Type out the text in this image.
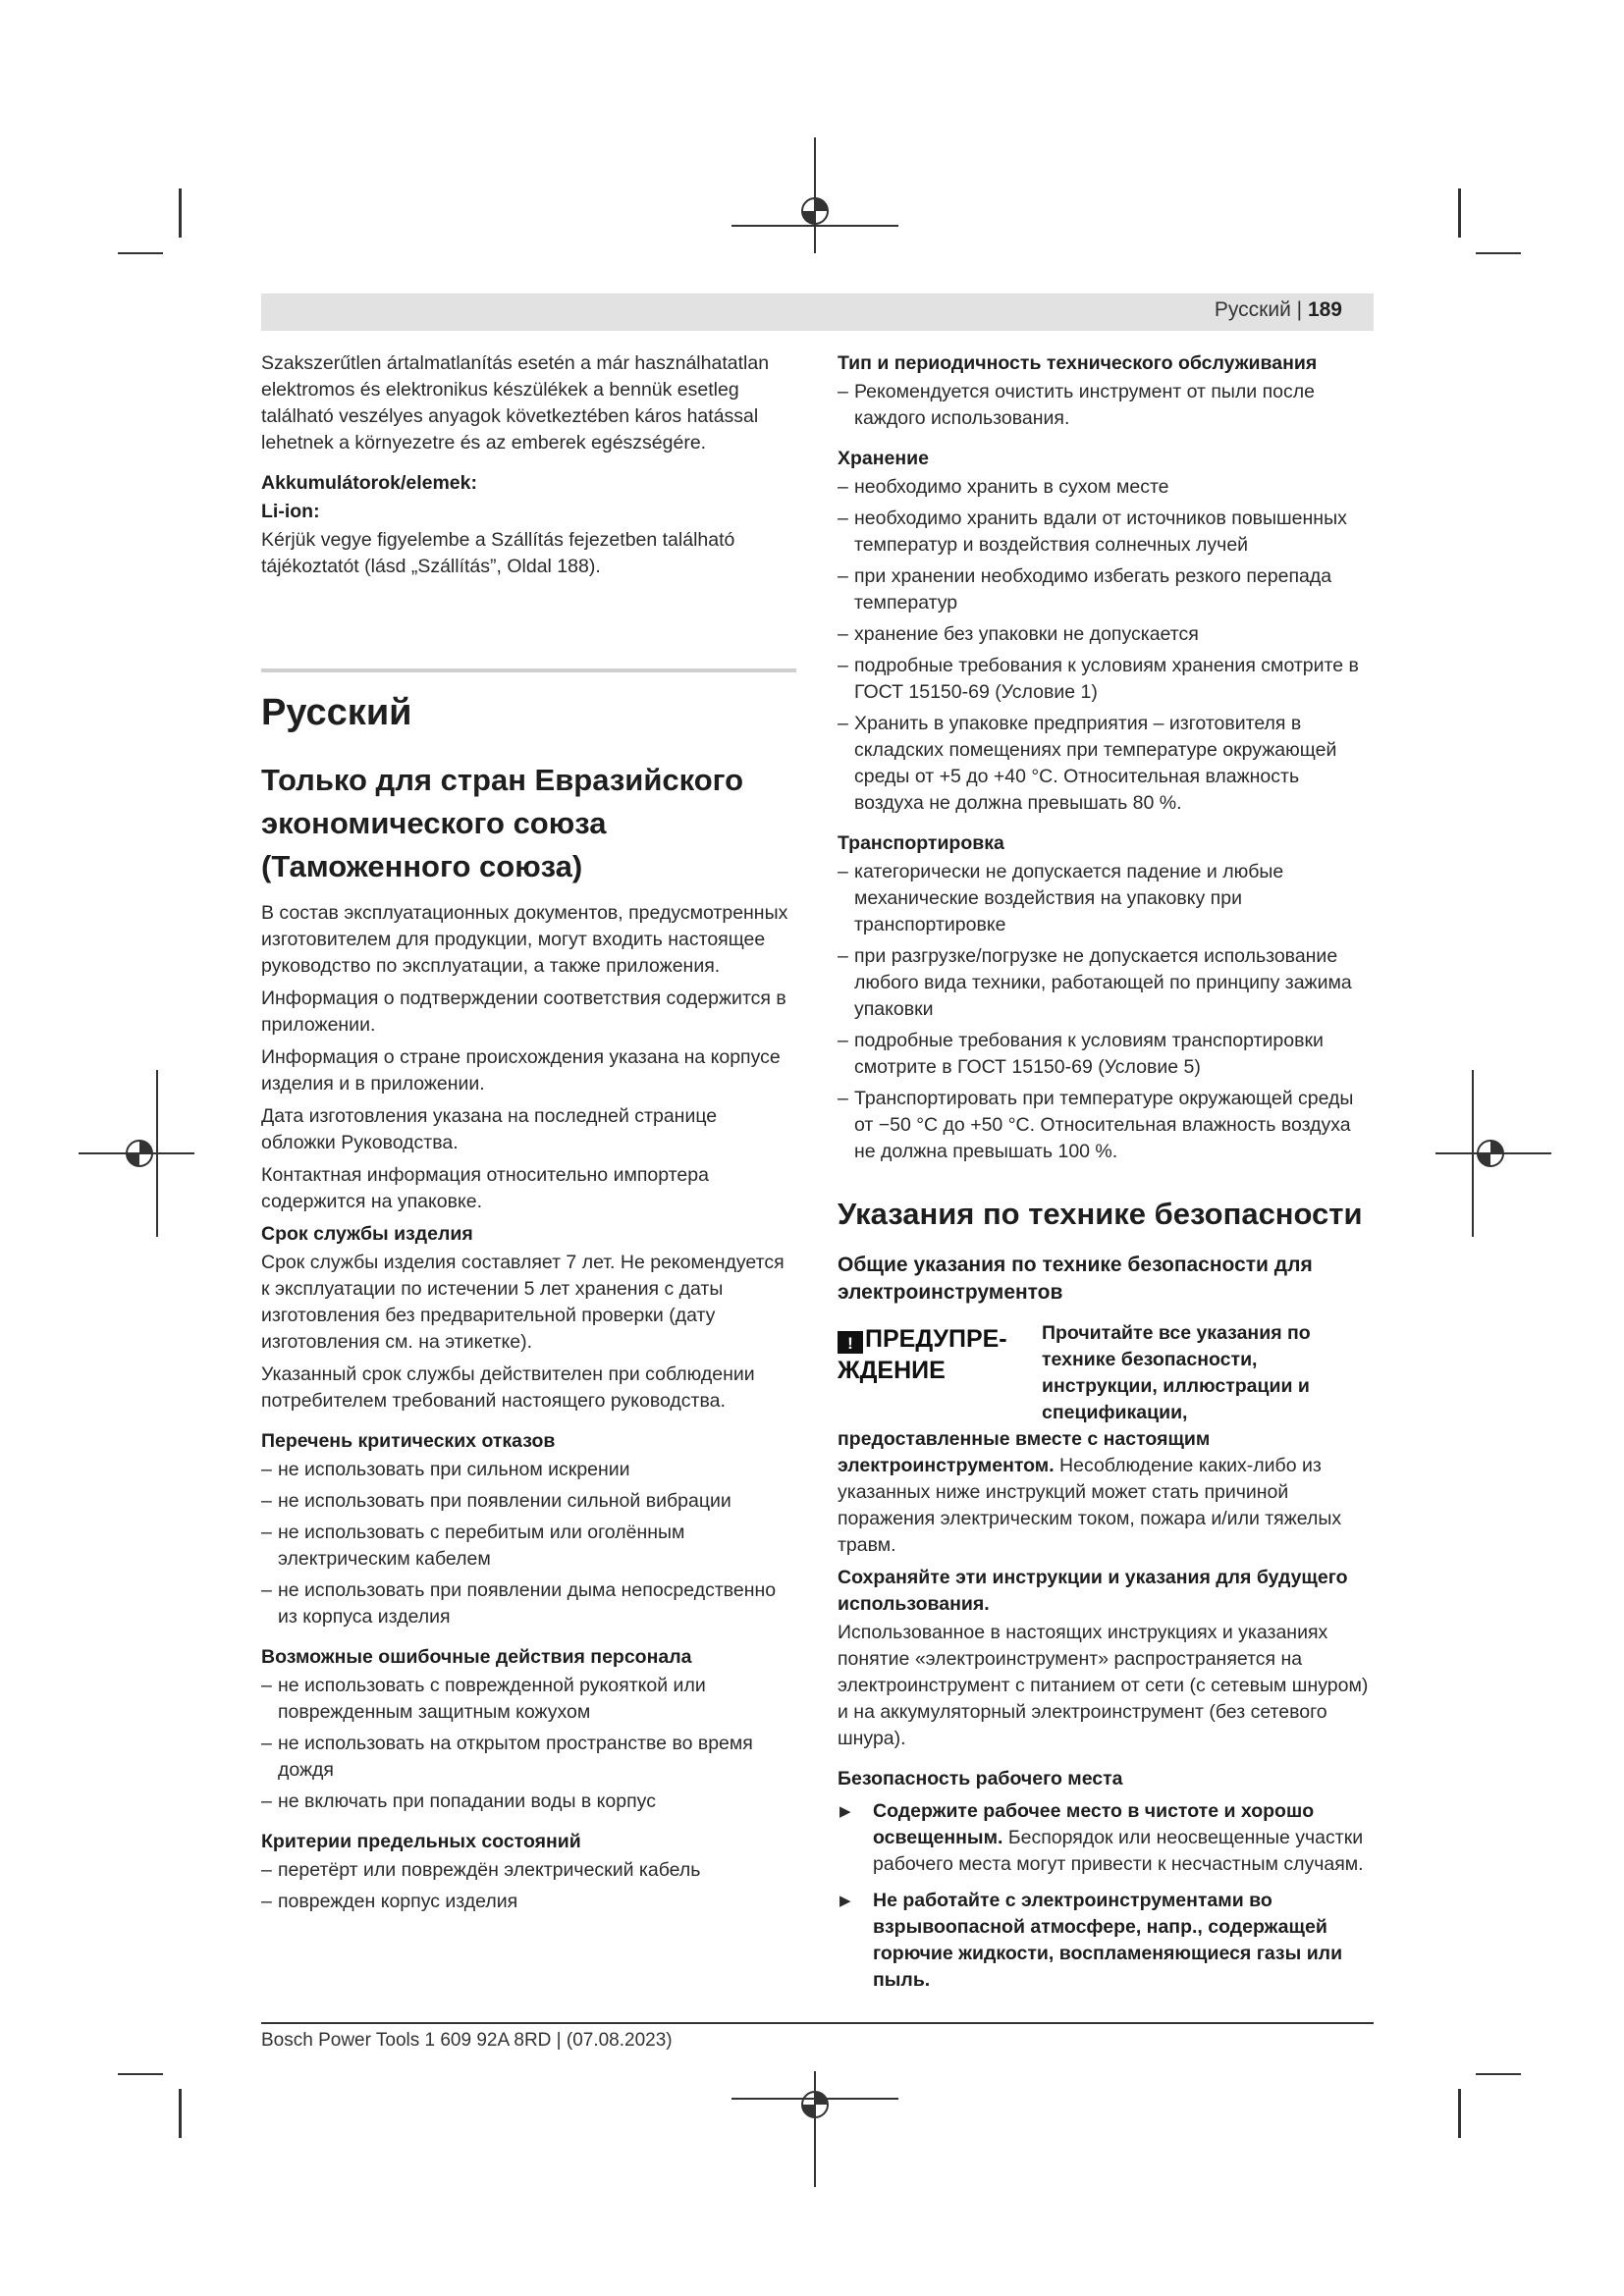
Русский | 189

Szakszerűtlen ártalmatlanítás esetén a már használhatatlan elektromos és elektronikus készülékek a bennük esetleg található veszélyes anyagok következtében káros hatással lehetnek a környezetre és az emberek egészségére.

Akkumulátorok/elemek:
Li-ion:

Kérjük vegye figyelembe a Szállítás fejezetben található tájékoztatót (lásd „Szállítás”, Oldal 188).

Русский
Только для стран Евразийского экономического союза (Таможенного союза)

В состав эксплуатационных документов, предусмотренных изготовителем для продукции, могут входить настоящее руководство по эксплуатации, а также приложения.

Информация о подтверждении соответствия содержится в приложении.

Информация о стране происхождения указана на корпусе изделия и в приложении.

Дата изготовления указана на последней странице обложки Руководства.

Контактная информация относительно импортера содержится на упаковке.

Срок службы изделия

Срок службы изделия составляет 7 лет. Не рекомендуется к эксплуатации по истечении 5 лет хранения с даты изготовления без предварительной проверки (дату изготовления см. на этикетке).

Указанный срок службы действителен при соблюдении потребителем требований настоящего руководства.

Перечень критических отказов
– не использовать при сильном искрении
– не использовать при появлении сильной вибрации
– не использовать с перебитым или оголённым электрическим кабелем
– не использовать при появлении дыма непосредственно из корпуса изделия
Возможные ошибочные действия персонала
– не использовать с поврежденной рукояткой или поврежденным защитным кожухом
– не использовать на открытом пространстве во время дождя
– не включать при попадании воды в корпус
Критерии предельных состояний
– перетёрт или повреждён электрический кабель
– поврежден корпус изделия
Тип и периодичность технического обслуживания
– Рекомендуется очистить инструмент от пыли после каждого использования.
Хранение
– необходимо хранить в сухом месте
– необходимо хранить вдали от источников повышенных температур и воздействия солнечных лучей
– при хранении необходимо избегать резкого перепада температур
– хранение без упаковки не допускается
– подробные требования к условиям хранения смотрите в ГОСТ 15150-69 (Условие 1)
– Хранить в упаковке предприятия – изготовителя в складских помещениях при температуре окружающей среды от +5 до +40 °C. Относительная влажность воздуха не должна превышать 80 %.
Транспортировка
– категорически не допускается падение и любые механические воздействия на упаковку при транспортировке
– при разгрузке/погрузке не допускается использование любого вида техники, работающей по принципу зажима упаковки
– подробные требования к условиям транспортировки смотрите в ГОСТ 15150-69 (Условие 5)
– Транспортировать при температуре окружающей среды от −50 °C до +50 °C. Относительная влажность воздуха не должна превышать 100 %.
Указания по технике безопасности
Общие указания по технике безопасности для электроинструментов
! ПРЕДУПРЕ-ЖДЕНИЕ
Прочитайте все указания по технике безопасности, инструкции, иллюстрации и спецификации,

предоставленные вместе с настоящим электроинструментом. Несоблюдение каких-либо из указанных ниже инструкций может стать причиной поражения электрическим током, пожара и/или тяжелых травм.

Сохраняйте эти инструкции и указания для будущего использования.

Использованное в настоящих инструкциях и указаниях понятие «электроинструмент» распространяется на электроинструмент с питанием от сети (с сетевым шнуром) и на аккумуляторный электроинструмент (без сетевого шнура).

Безопасность рабочего места
▶ Содержите рабочее место в чистоте и хорошо освещенным. Беспорядок или неосвещенные участки рабочего места могут привести к несчастным случаям.
▶ Не работайте с электроинструментами во взрывоопасной атмосфере, напр., содержащей горючие жидкости, воспламеняющиеся газы или пыль.
Bosch Power Tools 1 609 92A 8RD | (07.08.2023)
